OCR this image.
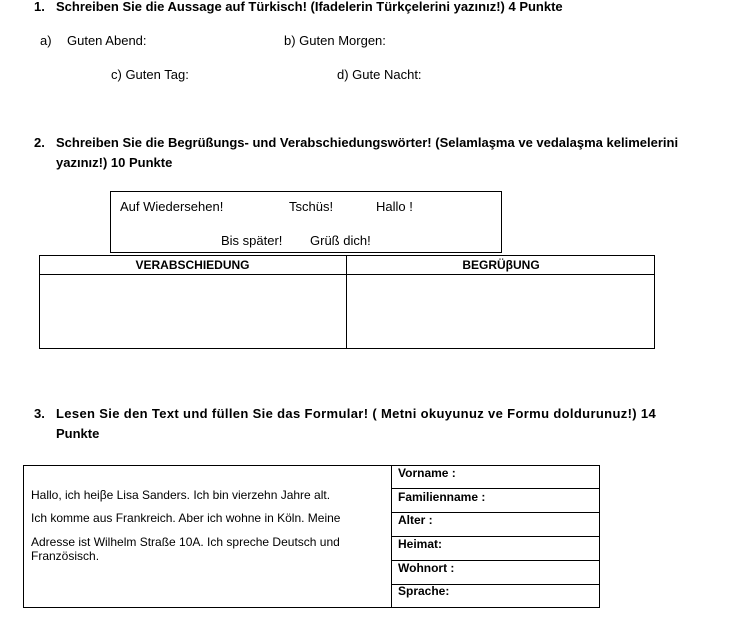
1. Schreiben Sie die Aussage auf Türkisch! (Ifadelerin Türkçelerini yazınız!) 4 Punkte
a) Guten Abend:	b) Guten Morgen:
c) Guten Tag:	d) Gute Nacht:
2. Schreiben Sie die Begrüßungs- und Verabschiedungswörter! (Selamlaşma ve vedalaşma kelimelerini
yazınız!) 10 Punkte
Auf Wiedersehen!	Tschüs!	Hallo !
Bis später! Grüß dich!
VERABSCHIEDUNG	BEGRÜβUNG
3. Lesen Sie den Text und füllen Sie das Formular! ( Metni okuyunuz ve Formu doldurunuz!) 14
Punkte
Hallo, ich heiβe Lisa Sanders. Ich bin vierzehn Jahre alt.
Ich komme aus Frankreich. Aber ich wohne in Köln. Meine
Adresse ist Wilhelm Straße 10A. Ich spreche Deutsch und
Französisch.
Vorname :
Familienname :
Alter :
Heimat:
Wohnort :
Sprache:
